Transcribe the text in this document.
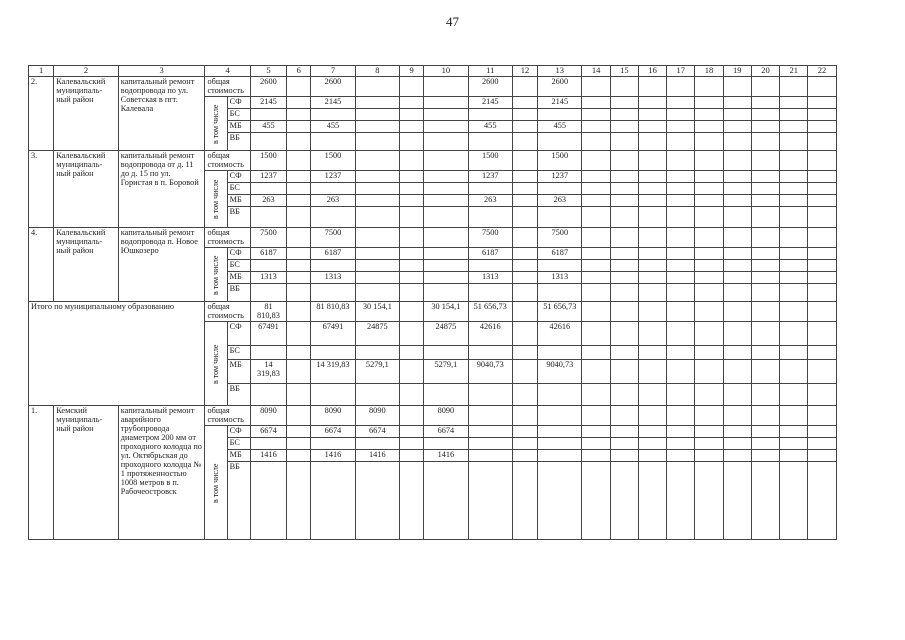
47
1	2	3	4		5	6	7	8	9	10	11	12	13	14	15	16	17	18	19	20	21	22
2.	Калевальский муниципаль-ный район	капитальный ремонт водопровода по ул. Советская в пгт. Калевала	общая стоимость		2600		2600				2600		2600									
			в том числе	СФ	2145		2145				2145		2145									
				БС																		
				МБ	455		455				455		455									
				ВБ																		
3.	Калевальский муниципаль-ный район	капитальный ремонт водопровода от д. 11 до д. 15 по ул. Гористая в п. Боровой	общая стоимость		1500		1500				1500		1500									
			в том числе	СФ	1237		1237				1237		1237									
				БС																		
				МБ	263		263				263		263									
				ВБ																		
4.	Калевальский муниципаль-ный район	капитальный ремонт водопровода п. Новое Юшкозеро	общая стоимость		7500		7500				7500		7500									
			в том числе	СФ	6187		6187				6187		6187									
				БС																		
				МБ	1313		1313				1313		1313									
				ВБ																		
Итого по муниципальному образованию			общая стоимость		81 810,83		81 810,83	30 154,1		30 154,1	51 656,73		51 656,73									
			в том числе	СФ	67491		67491	24875		24875	42616		42616									
				БС																		
				МБ	14 319,83		14 319,83	5279,1		5279,1	9040,73		9040,73									
				ВБ																		
1.	Кемский муниципаль-ный район	капитальный ремонт аварийного трубопровода диаметром 200 мм от проходного колодца по ул. Октябрьская до проходного колодца № 1 протяженностью 1008 метров в п. Рабочеостровск	общая стоимость		8090		8090	8090		8090												
			в том числе	СФ	6674		6674	6674		6674												
				БС																		
				МБ	1416		1416	1416		1416												
				ВБ																		
